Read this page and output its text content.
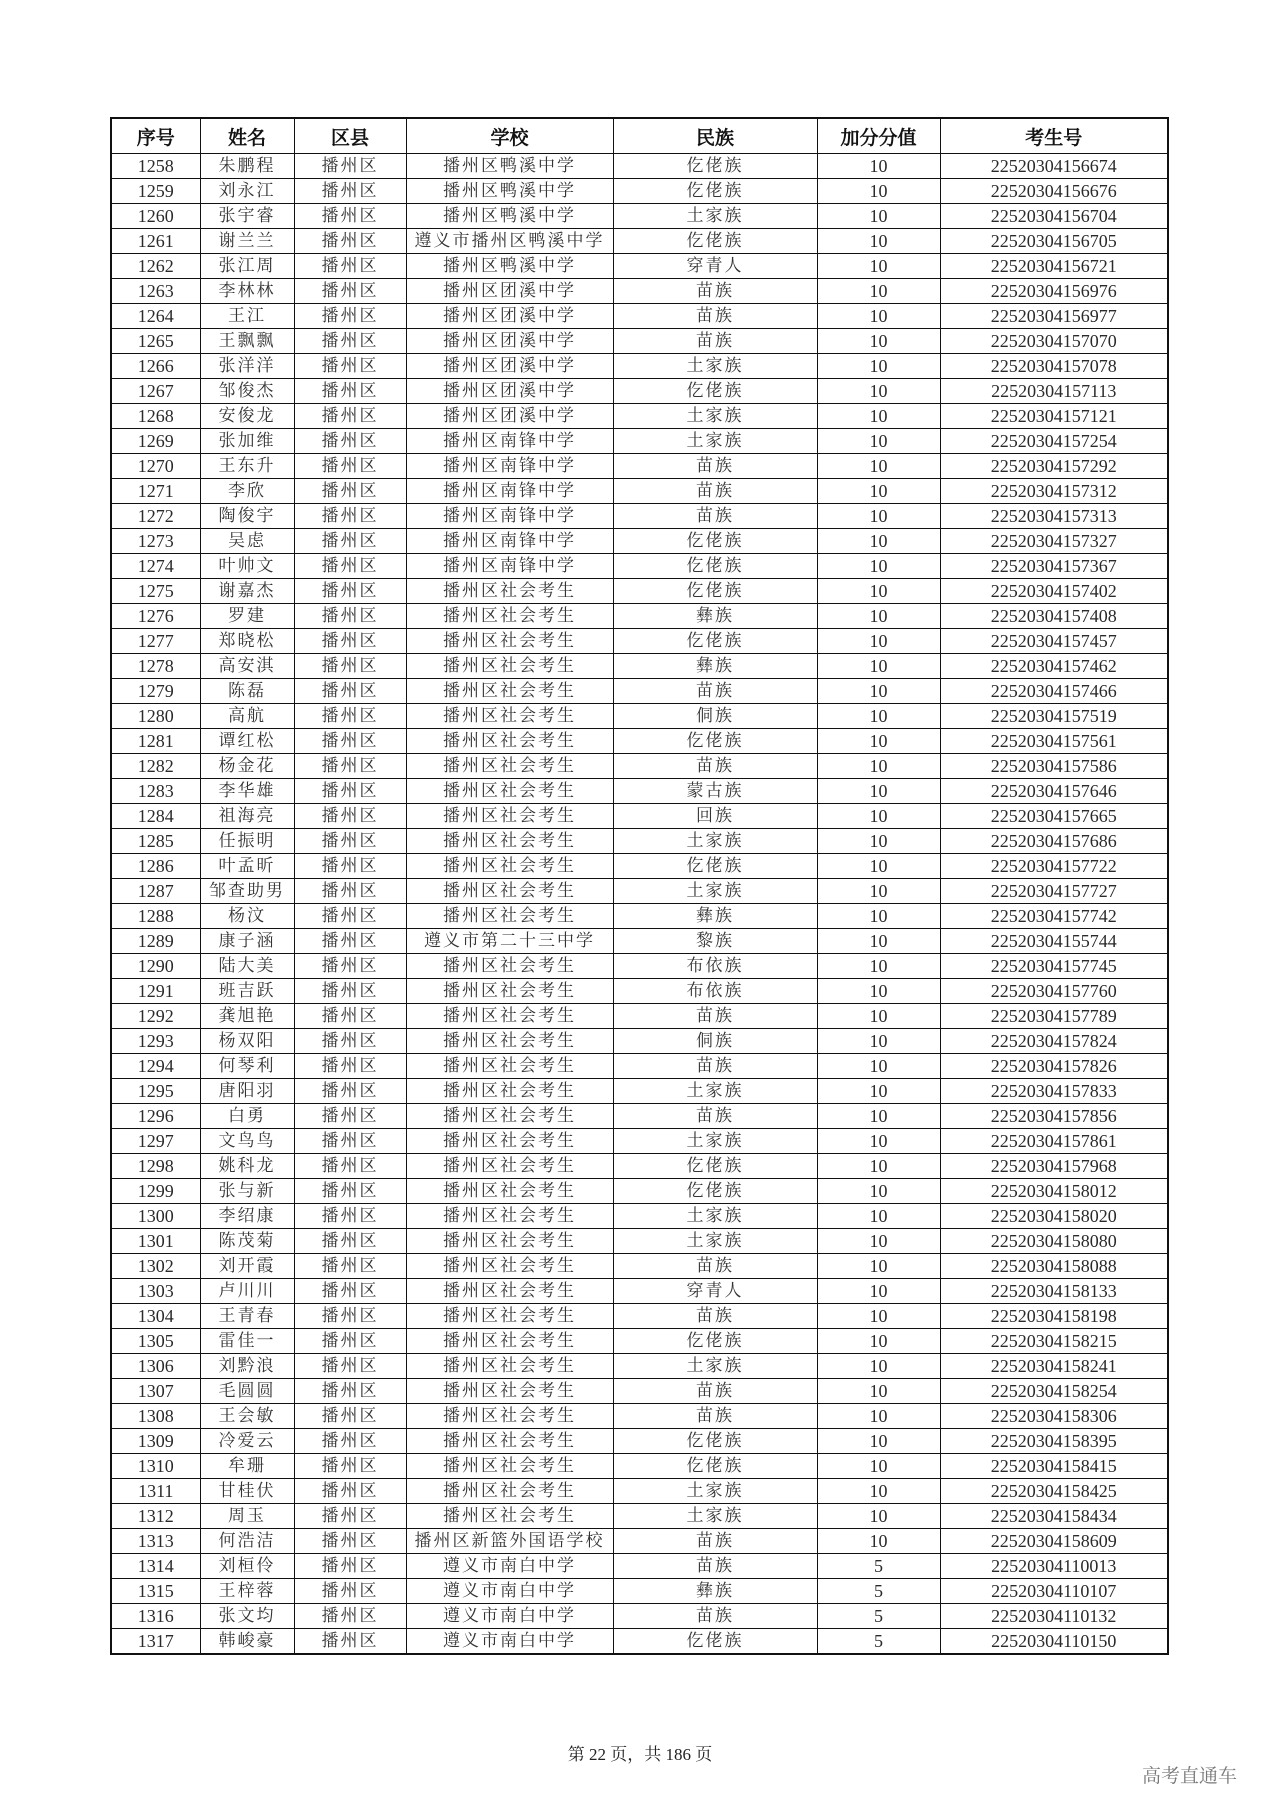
序号	姓名	区县	学校	民族	加分分值	考生号
1258	朱鹏程	播州区	播州区鸭溪中学	仡佬族	10	22520304156674
1259	刘永江	播州区	播州区鸭溪中学	仡佬族	10	22520304156676
1260	张宇睿	播州区	播州区鸭溪中学	土家族	10	22520304156704
1261	谢兰兰	播州区	遵义市播州区鸭溪中学	仡佬族	10	22520304156705
1262	张江周	播州区	播州区鸭溪中学	穿青人	10	22520304156721
1263	李林林	播州区	播州区团溪中学	苗族	10	22520304156976
1264	王江	播州区	播州区团溪中学	苗族	10	22520304156977
1265	王飘飘	播州区	播州区团溪中学	苗族	10	22520304157070
1266	张洋洋	播州区	播州区团溪中学	土家族	10	22520304157078
1267	邹俊杰	播州区	播州区团溪中学	仡佬族	10	22520304157113
1268	安俊龙	播州区	播州区团溪中学	土家族	10	22520304157121
1269	张加维	播州区	播州区南锋中学	土家族	10	22520304157254
1270	王东升	播州区	播州区南锋中学	苗族	10	22520304157292
1271	李欣	播州区	播州区南锋中学	苗族	10	22520304157312
1272	陶俊宇	播州区	播州区南锋中学	苗族	10	22520304157313
1273	吴虑	播州区	播州区南锋中学	仡佬族	10	22520304157327
1274	叶帅文	播州区	播州区南锋中学	仡佬族	10	22520304157367
1275	谢嘉杰	播州区	播州区社会考生	仡佬族	10	22520304157402
1276	罗建	播州区	播州区社会考生	彝族	10	22520304157408
1277	郑晓松	播州区	播州区社会考生	仡佬族	10	22520304157457
1278	高安淇	播州区	播州区社会考生	彝族	10	22520304157462
1279	陈磊	播州区	播州区社会考生	苗族	10	22520304157466
1280	高航	播州区	播州区社会考生	侗族	10	22520304157519
1281	谭红松	播州区	播州区社会考生	仡佬族	10	22520304157561
1282	杨金花	播州区	播州区社会考生	苗族	10	22520304157586
1283	李华雄	播州区	播州区社会考生	蒙古族	10	22520304157646
1284	祖海亮	播州区	播州区社会考生	回族	10	22520304157665
1285	任振明	播州区	播州区社会考生	土家族	10	22520304157686
1286	叶孟昕	播州区	播州区社会考生	仡佬族	10	22520304157722
1287	邹查助男	播州区	播州区社会考生	土家族	10	22520304157727
1288	杨汶	播州区	播州区社会考生	彝族	10	22520304157742
1289	康子涵	播州区	遵义市第二十三中学	黎族	10	22520304155744
1290	陆大美	播州区	播州区社会考生	布依族	10	22520304157745
1291	班吉跃	播州区	播州区社会考生	布依族	10	22520304157760
1292	龚旭艳	播州区	播州区社会考生	苗族	10	22520304157789
1293	杨双阳	播州区	播州区社会考生	侗族	10	22520304157824
1294	何琴利	播州区	播州区社会考生	苗族	10	22520304157826
1295	唐阳羽	播州区	播州区社会考生	土家族	10	22520304157833
1296	白勇	播州区	播州区社会考生	苗族	10	22520304157856
1297	文鸟鸟	播州区	播州区社会考生	土家族	10	22520304157861
1298	姚科龙	播州区	播州区社会考生	仡佬族	10	22520304157968
1299	张与新	播州区	播州区社会考生	仡佬族	10	22520304158012
1300	李绍康	播州区	播州区社会考生	土家族	10	22520304158020
1301	陈茂菊	播州区	播州区社会考生	土家族	10	22520304158080
1302	刘开霞	播州区	播州区社会考生	苗族	10	22520304158088
1303	卢川川	播州区	播州区社会考生	穿青人	10	22520304158133
1304	王青春	播州区	播州区社会考生	苗族	10	22520304158198
1305	雷佳一	播州区	播州区社会考生	仡佬族	10	22520304158215
1306	刘黔浪	播州区	播州区社会考生	土家族	10	22520304158241
1307	毛圆圆	播州区	播州区社会考生	苗族	10	22520304158254
1308	王会敏	播州区	播州区社会考生	苗族	10	22520304158306
1309	冷爱云	播州区	播州区社会考生	仡佬族	10	22520304158395
1310	牟珊	播州区	播州区社会考生	仡佬族	10	22520304158415
1311	甘桂伏	播州区	播州区社会考生	土家族	10	22520304158425
1312	周玉	播州区	播州区社会考生	土家族	10	22520304158434
1313	何浩洁	播州区	播州区新篮外国语学校	苗族	10	22520304158609
1314	刘桓伶	播州区	遵义市南白中学	苗族	5	22520304110013
1315	王梓蓉	播州区	遵义市南白中学	彝族	5	22520304110107
1316	张文均	播州区	遵义市南白中学	苗族	5	22520304110132
1317	韩峻豪	播州区	遵义市南白中学	仡佬族	5	22520304110150
第 22 页，共 186 页
高考直通车
